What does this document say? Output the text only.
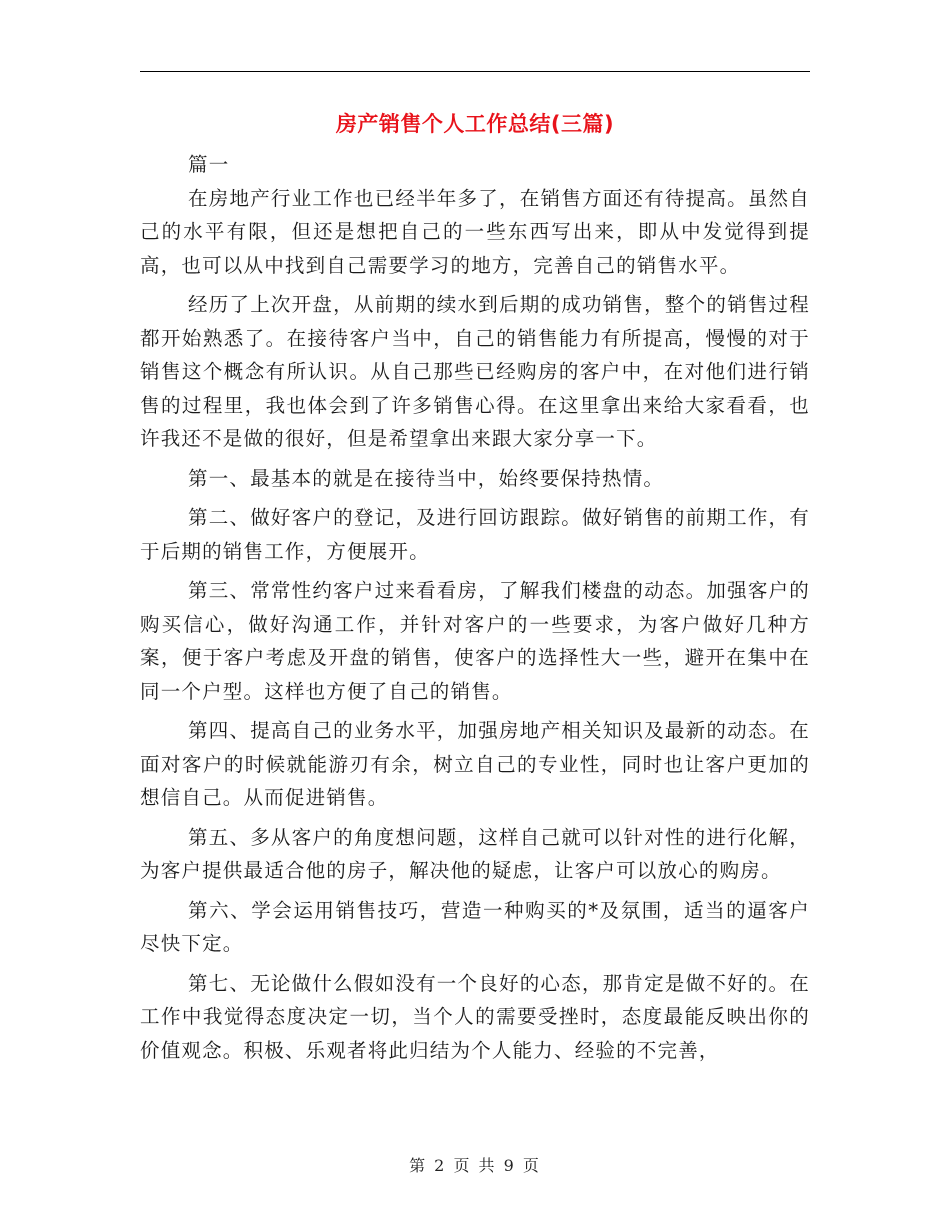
房产销售个人工作总结(三篇)

篇一

在房地产行业工作也已经半年多了，在销售方面还有待提高。虽然自己的水平有限，但还是想把自己的一些东西写出来，即从中发觉得到提高，也可以从中找到自己需要学习的地方，完善自己的销售水平。

经历了上次开盘，从前期的续水到后期的成功销售，整个的销售过程都开始熟悉了。在接待客户当中，自己的销售能力有所提高，慢慢的对于销售这个概念有所认识。从自己那些已经购房的客户中，在对他们进行销售的过程里，我也体会到了许多销售心得。在这里拿出来给大家看看，也许我还不是做的很好，但是希望拿出来跟大家分享一下。

第一、最基本的就是在接待当中，始终要保持热情。

第二、做好客户的登记，及进行回访跟踪。做好销售的前期工作，有于后期的销售工作，方便展开。

第三、常常性约客户过来看看房，了解我们楼盘的动态。加强客户的购买信心，做好沟通工作，并针对客户的一些要求，为客户做好几种方案，便于客户考虑及开盘的销售，使客户的选择性大一些，避开在集中在同一个户型。这样也方便了自己的销售。

第四、提高自己的业务水平，加强房地产相关知识及最新的动态。在面对客户的时候就能游刃有余，树立自己的专业性，同时也让客户更加的想信自己。从而促进销售。

第五、多从客户的角度想问题，这样自己就可以针对性的进行化解，为客户提供最适合他的房子，解决他的疑虑，让客户可以放心的购房。

第六、学会运用销售技巧，营造一种购买的*及氛围，适当的逼客户尽快下定。

第七、无论做什么假如没有一个良好的心态，那肯定是做不好的。在工作中我觉得态度决定一切，当个人的需要受挫时，态度最能反映出你的价值观念。积极、乐观者将此归结为个人能力、经验的不完善，

第 2 页 共 9 页
